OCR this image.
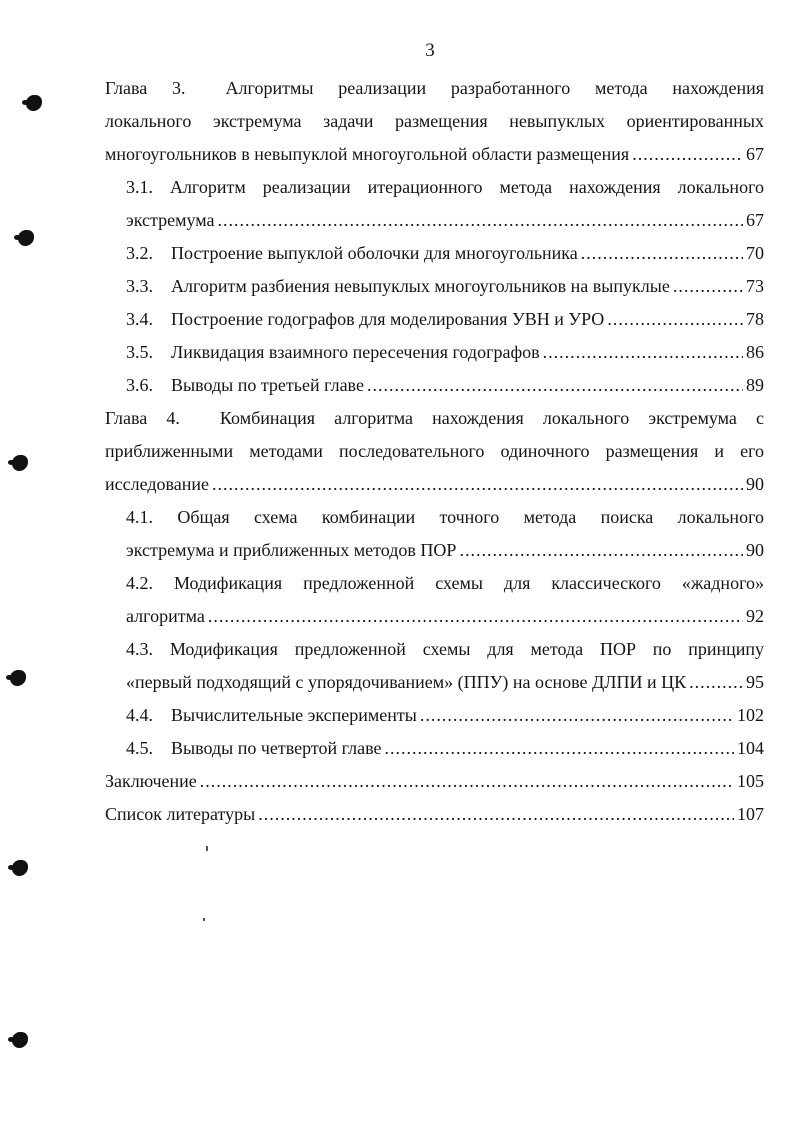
3
Глава 3. Алгоритмы реализации разработанного метода нахождения
локального экстремума задачи размещения невыпуклых ориентированных
многоугольников в невыпуклой многоугольной области размещения .....	67
3.1. Алгоритм реализации итерационного метода нахождения локального
экстремума .....	67
3.2. Построение выпуклой оболочки для многоугольника .....	70
3.3. Алгоритм разбиения невыпуклых многоугольников на выпуклые .....	73
3.4. Построение годографов для моделирования УВН и УРО .....	78
3.5. Ликвидация взаимного пересечения годографов .....	86
3.6. Выводы по третьей главе .....	89
Глава 4. Комбинация алгоритма нахождения локального экстремума с
приближенными методами последовательного одиночного размещения и его
исследование .....	90
4.1. Общая схема комбинации точного метода поиска локального
экстремума и приближенных методов ПОР .....	90
4.2. Модификация предложенной схемы для классического «жадного»
алгоритма .....	92
4.3. Модификация предложенной схемы для метода ПОР по принципу
«первый подходящий с упорядочиванием» (ППУ) на основе ДЛПИ и ЦК .....	95
4.4. Вычислительные эксперименты .....	102
4.5. Выводы по четвертой главе .....	104
Заключение .....	105
Список литературы .....	107
